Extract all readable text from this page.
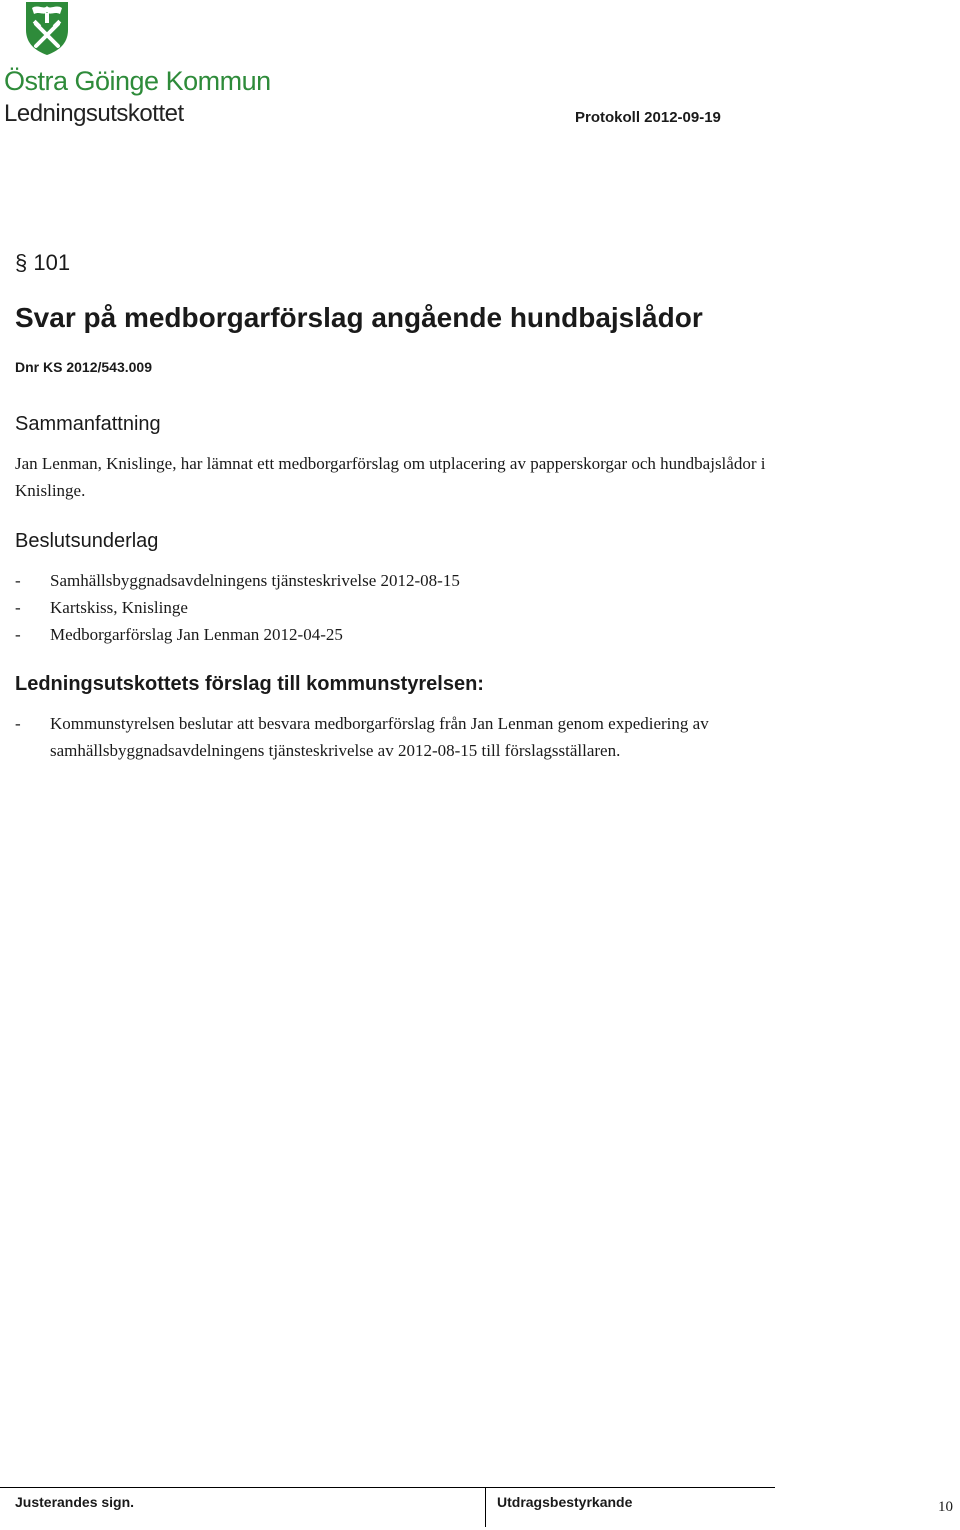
Östra Göinge Kommun
Ledningsutskottet	Protokoll 2012-09-19
§ 101
Svar på medborgarförslag angående hundbajslådor
Dnr KS 2012/543.009
Sammanfattning
Jan Lenman, Knislinge, har lämnat ett medborgarförslag om utplacering av papperskorgar och hundbajslådor i Knislinge.
Beslutsunderlag
- Samhällsbyggnadsavdelningens tjänsteskrivelse 2012-08-15
- Kartskiss, Knislinge
- Medborgarförslag Jan Lenman 2012-04-25
Ledningsutskottets förslag till kommunstyrelsen:
- Kommunstyrelsen beslutar att besvara medborgarförslag från Jan Lenman genom expediering av samhällsbyggnadsavdelningens tjänsteskrivelse av 2012-08-15 till förslagsställaren.
Justerandes sign.	Utdragsbestyrkande	10
